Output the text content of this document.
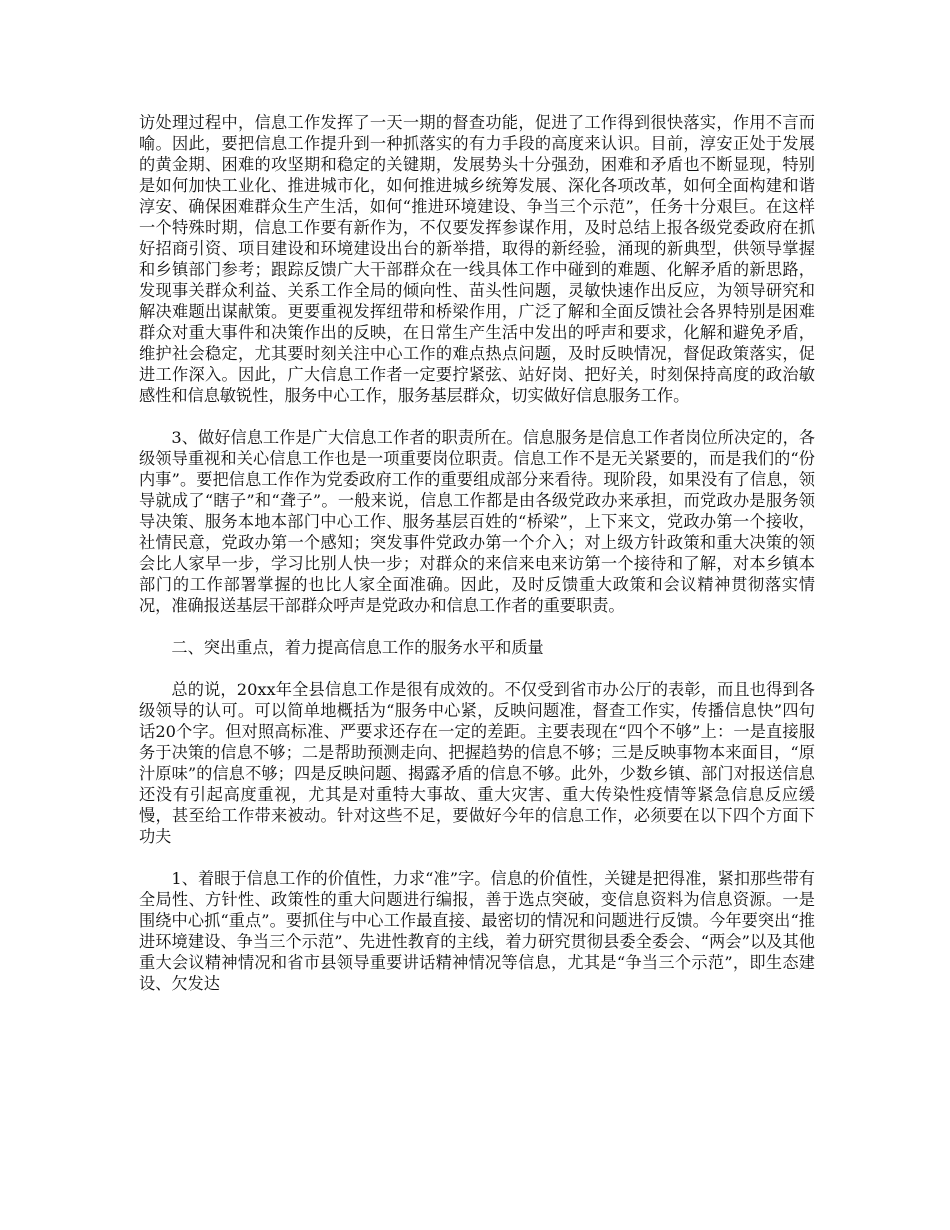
访处理过程中，信息工作发挥了一天一期的督查功能，促进了工作得到很快落实，作用不言而喻。因此，要把信息工作提升到一种抓落实的有力手段的高度来认识。目前，淳安正处于发展的黄金期、困难的攻坚期和稳定的关键期，发展势头十分强劲，困难和矛盾也不断显现，特别是如何加快工业化、推进城市化，如何推进城乡统筹发展、深化各项改革，如何全面构建和谐淳安、确保困难群众生产生活，如何“推进环境建设、争当三个示范”，任务十分艰巨。在这样一个特殊时期，信息工作要有新作为，不仅要发挥参谋作用，及时总结上报各级党委政府在抓好招商引资、项目建设和环境建设出台的新举措，取得的新经验，涌现的新典型，供领导掌握和乡镇部门参考；跟踪反馈广大干部群众在一线具体工作中碰到的难题、化解矛盾的新思路，发现事关群众利益、关系工作全局的倾向性、苗头性问题，灵敏快速作出反应，为领导研究和解决难题出谋献策。更要重视发挥纽带和桥梁作用，广泛了解和全面反馈社会各界特别是困难群众对重大事件和决策作出的反映，在日常生产生活中发出的呼声和要求，化解和避免矛盾，维护社会稳定，尤其要时刻关注中心工作的难点热点问题，及时反映情况，督促政策落实，促进工作深入。因此，广大信息工作者一定要拧紧弦、站好岗、把好关，时刻保持高度的政治敏感性和信息敏锐性，服务中心工作，服务基层群众，切实做好信息服务工作。

3、做好信息工作是广大信息工作者的职责所在。信息服务是信息工作者岗位所决定的，各级领导重视和关心信息工作也是一项重要岗位职责。信息工作不是无关紧要的，而是我们的“份内事”。要把信息工作作为党委政府工作的重要组成部分来看待。现阶段，如果没有了信息，领导就成了“瞎子”和“聋子”。一般来说，信息工作都是由各级党政办来承担，而党政办是服务领导决策、服务本地本部门中心工作、服务基层百姓的“桥梁”，上下来文，党政办第一个接收，社情民意，党政办第一个感知；突发事件党政办第一个介入；对上级方针政策和重大决策的领会比人家早一步，学习比别人快一步；对群众的来信来电来访第一个接待和了解，对本乡镇本部门的工作部署掌握的也比人家全面准确。因此，及时反馈重大政策和会议精神贯彻落实情况，准确报送基层干部群众呼声是党政办和信息工作者的重要职责。

二、突出重点，着力提高信息工作的服务水平和质量

总的说，20xx年全县信息工作是很有成效的。不仅受到省市办公厅的表彰，而且也得到各级领导的认可。可以简单地概括为“服务中心紧，反映问题准，督查工作实，传播信息快”四句话20个字。但对照高标准、严要求还存在一定的差距。主要表现在“四个不够”上：一是直接服务于决策的信息不够；二是帮助预测走向、把握趋势的信息不够；三是反映事物本来面目，“原汁原味”的信息不够；四是反映问题、揭露矛盾的信息不够。此外，少数乡镇、部门对报送信息还没有引起高度重视，尤其是对重特大事故、重大灾害、重大传染性疫情等紧急信息反应缓慢，甚至给工作带来被动。针对这些不足，要做好今年的信息工作，必须要在以下四个方面下功夫

1、着眼于信息工作的价值性，力求“准”字。信息的价值性，关键是把得准，紧扣那些带有全局性、方针性、政策性的重大问题进行编报，善于选点突破，变信息资料为信息资源。一是围绕中心抓“重点”。要抓住与中心工作最直接、最密切的情况和问题进行反馈。今年要突出“推进环境建设、争当三个示范”、先进性教育的主线，着力研究贯彻县委全委会、“两会”以及其他重大会议精神情况和省市县领导重要讲话精神情况等信息，尤其是“争当三个示范”，即生态建设、欠发达
